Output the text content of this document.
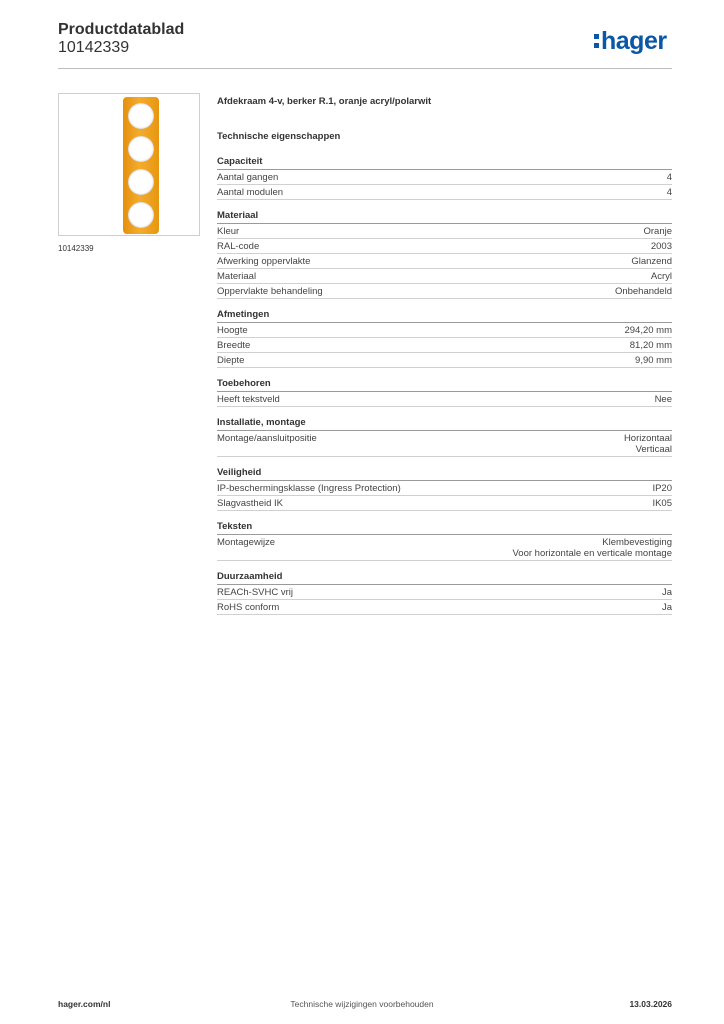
Productdatablad
10142339	hager
10142339
Afdekraam 4-v, berker R.1, oranje acryl/polarwit
Technische eigenschappen
Capaciteit
Aantal gangen	4
Aantal modulen	4
Materiaal
Kleur	Oranje
RAL-code	2003
Afwerking oppervlakte	Glanzend
Materiaal	Acryl
Oppervlakte behandeling	Onbehandeld
Afmetingen
Hoogte	294,20 mm
Breedte	81,20 mm
Diepte	9,90 mm
Toebehoren
Heeft tekstveld	Nee
Installatie, montage
Montage/aansluitpositie	Horizontaal
Verticaal
Veiligheid
IP-beschermingsklasse (Ingress Protection)	IP20
Slagvastheid IK	IK05
Teksten
Montagewijze	Klembevestiging
Voor horizontale en verticale montage
Duurzaamheid
REACh-SVHC vrij	Ja
RoHS conform	Ja
hager.com/nl	Technische wijzigingen voorbehouden	13.03.2026
